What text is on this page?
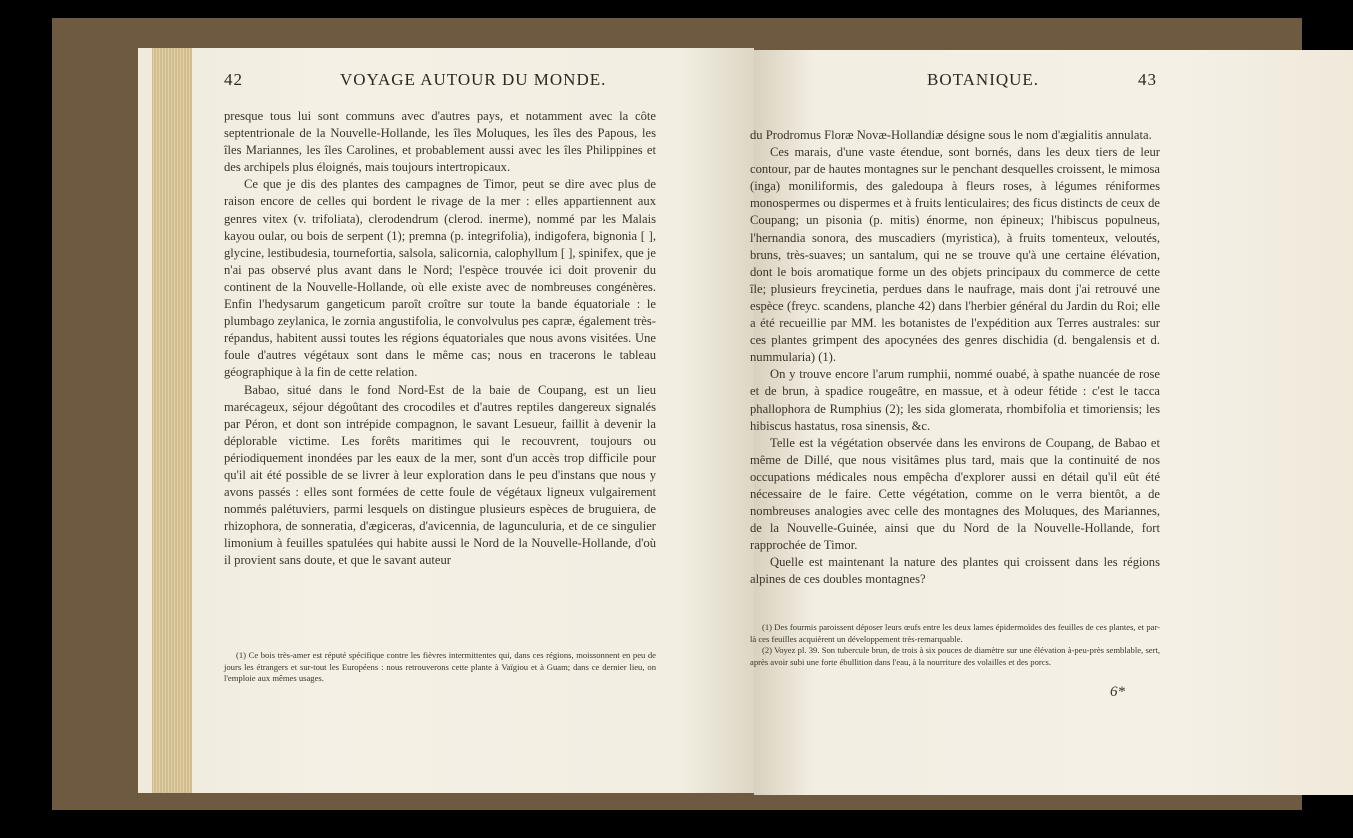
42	VOYAGE AUTOUR DU MONDE.

presque tous lui sont communs avec d'autres pays, et notamment avec la côte septentrionale de la Nouvelle-Hollande, les îles Moluques, les îles des Papous, les îles Mariannes, les îles Carolines, et probablement aussi avec les îles Philippines et des archipels plus éloignés, mais toujours intertropicaux.

Ce que je dis des plantes des campagnes de Timor, peut se dire avec plus de raison encore de celles qui bordent le rivage de la mer : elles appartiennent aux genres vitex (v. trifoliata), clerodendrum (clerod. inerme), nommé par les Malais kayou oular, ou bois de serpent (1); premna (p. integrifolia), indigofera, bignonia [ ], glycine, lestibudesia, tournefortia, salsola, salicornia, calophyllum [ ], spinifex, que je n'ai pas observé plus avant dans le Nord; l'espèce trouvée ici doit provenir du continent de la Nouvelle-Hollande, où elle existe avec de nombreuses congénères. Enfin l'hedysarum gangeticum paroît croître sur toute la bande équatoriale : le plumbago zeylanica, le zornia angustifolia, le convolvulus pes capræ, également très-répandus, habitent aussi toutes les régions équatoriales que nous avons visitées. Une foule d'autres végétaux sont dans le même cas; nous en tracerons le tableau géographique à la fin de cette relation.

Babao, situé dans le fond Nord-Est de la baie de Coupang, est un lieu marécageux, séjour dégoûtant des crocodiles et d'autres reptiles dangereux signalés par Péron, et dont son intrépide compagnon, le savant Lesueur, faillit à devenir la déplorable victime. Les forêts maritimes qui le recouvrent, toujours ou périodiquement inondées par les eaux de la mer, sont d'un accès trop difficile pour qu'il ait été possible de se livrer à leur exploration dans le peu d'instans que nous y avons passés : elles sont formées de cette foule de végétaux ligneux vulgairement nommés palétuviers, parmi lesquels on distingue plusieurs espèces de bruguiera, de rhizophora, de sonneratia, d'ægiceras, d'avicennia, de lagunculuria, et de ce singulier limonium à feuilles spatulées qui habite aussi le Nord de la Nouvelle-Hollande, d'où il provient sans doute, et que le savant auteur

(1) Ce bois très-amer est réputé spécifique contre les fièvres intermittentes qui, dans ces régions, moissonnent en peu de jours les étrangers et sur-tout les Européens : nous retrouverons cette plante à Vaïgiou et à Guam; dans ce dernier lieu, on l'emploie aux mêmes usages.

BOTANIQUE.	43

du Prodromus Floræ Novæ-Hollandiæ désigne sous le nom d'ægialitis annulata.

Ces marais, d'une vaste étendue, sont bornés, dans les deux tiers de leur contour, par de hautes montagnes sur le penchant desquelles croissent, le mimosa (inga) moniliformis, des galedoupa à fleurs roses, à légumes réniformes monospermes ou dispermes et à fruits lenticulaires; des ficus distincts de ceux de Coupang; un pisonia (p. mitis) énorme, non épineux; l'hibiscus populneus, l'hernandia sonora, des muscadiers (myristica), à fruits tomenteux, veloutés, bruns, très-suaves; un santalum, qui ne se trouve qu'à une certaine élévation, dont le bois aromatique forme un des objets principaux du commerce de cette île; plusieurs freycinetia, perdues dans le naufrage, mais dont j'ai retrouvé une espèce (freyc. scandens, planche 42) dans l'herbier général du Jardin du Roi; elle a été recueillie par MM. les botanistes de l'expédition aux Terres australes: sur ces plantes grimpent des apocynées des genres dischidia (d. bengalensis et d. nummularia) (1).

On y trouve encore l'arum rumphii, nommé ouabé, à spathe nuancée de rose et de brun, à spadice rougeâtre, en massue, et à odeur fétide : c'est le tacca phallophora de Rumphius (2); les sida glomerata, rhombifolia et timoriensis; les hibiscus hastatus, rosa sinensis, &c.

Telle est la végétation observée dans les environs de Coupang, de Babao et même de Dillé, que nous visitâmes plus tard, mais que la continuité de nos occupations médicales nous empêcha d'explorer aussi en détail qu'il eût été nécessaire de le faire. Cette végétation, comme on le verra bientôt, a de nombreuses analogies avec celle des montagnes des Moluques, des Mariannes, de la Nouvelle-Guinée, ainsi que du Nord de la Nouvelle-Hollande, fort rapprochée de Timor.

Quelle est maintenant la nature des plantes qui croissent dans les régions alpines de ces doubles montagnes?

(1) Des fourmis paroissent déposer leurs œufs entre les deux lames épidermoïdes des feuilles de ces plantes, et par-là ces feuilles acquièrent un développement très-remarquable.

(2) Voyez pl. 39. Son tubercule brun, de trois à six pouces de diamètre sur une élévation à-peu-près semblable, sert, après avoir subi une forte ébullition dans l'eau, à la nourriture des volailles et des porcs.

6*
